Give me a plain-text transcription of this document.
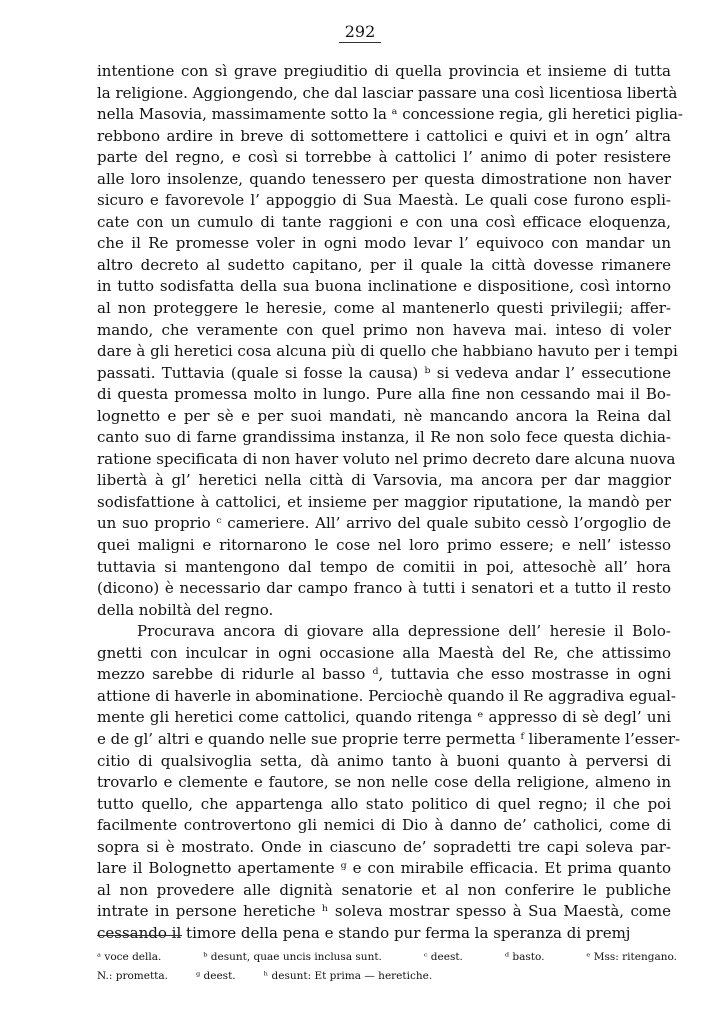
292
intentione con sì grave pregiuditio di quella provincia et insieme di tutta
la religione. Aggiongendo, che dal lasciar passare una così licentiosa libertà
nella Masovia, massimamente sotto la ᵃ concessione regia, gli heretici piglia-
rebbono ardire in breve di sottomettere i cattolici e quivi et in ogn’ altra
parte del regno, e così si torrebbe à cattolici l’ animo di poter resistere
alle loro insolenze, quando tenessero per questa dimostratione non haver
sicuro e favorevole l’ appoggio di Sua Maestà. Le quali cose furono espli-
cate con un cumulo di tante raggioni e con una così efficace eloquenza,
che il Re promesse voler in ogni modo levar l’ equivoco con mandar un
altro decreto al sudetto capitano, per il quale la città dovesse rimanere
in tutto sodisfatta della sua buona inclinatione e dispositione, così intorno
al non proteggere le heresie, come al mantenerlo questi privilegii; affer-
mando, che veramente con quel primo non haveva mai. inteso di voler
dare à gli heretici cosa alcuna più di quello che habbiano havuto per i tempi
passati. Tuttavia (quale si fosse la causa) ᵇ si vedeva andar l’ essecutione
di questa promessa molto in lungo. Pure alla fine non cessando mai il Bo-
lognetto e per sè e per suoi mandati, nè mancando ancora la Reina dal
canto suo di farne grandissima instanza, il Re non solo fece questa dichia-
ratione specificata di non haver voluto nel primo decreto dare alcuna nuova
libertà à gl’ heretici nella città di Varsovia, ma ancora per dar maggior
sodisfattione à cattolici, et insieme per maggior riputatione, la mandò per
un suo proprio ᶜ cameriere. All’ arrivo del quale subito cessò l’orgoglio de
quei maligni e ritornarono le cose nel loro primo essere; e nell’ istesso
tuttavia si mantengono dal tempo de comitii in poi, attesochè all’ hora
(dicono) è necessario dar campo franco à tutti i senatori et a tutto il resto
della nobiltà del regno.
Procurava ancora di giovare alla depressione dell’ heresie il Bolo-
gnetti con inculcar in ogni occasione alla Maestà del Re, che attissimo
mezzo sarebbe di ridurle al basso ᵈ, tuttavia che esso mostrasse in ogni
attione di haverle in abominatione. Perciochè quando il Re aggradiva egual-
mente gli heretici come cattolici, quando ritenga ᵉ appresso di sè degl’ uni
e de gl’ altri e quando nelle sue proprie terre permetta ᶠ liberamente l’esser-
citio di qualsivoglia setta, dà animo tanto à buoni quanto à perversi di
trovarlo e clemente e fautore, se non nelle cose della religione, almeno in
tutto quello, che appartenga allo stato politico di quel regno; il che poi
facilmente controvertono gli nemici di Dio à danno de’ catholici, come di
sopra si è mostrato. Onde in ciascuno de’ sopradetti tre capi soleva par-
lare il Bolognetto apertamente ᵍ e con mirabile efficacia. Et prima quanto
al non provedere alle dignità senatorie et al non conferire le publiche
intrate in persone heretiche ʰ soleva mostrar spesso à Sua Maestà, come
cessando il timore della pena e stando pur ferma la speranza di premj
ᵃ voce della.	ᵇ desunt, quae uncis inclusa sunt.	ᶜ deest.	ᵈ basto.	ᵉ Mss: ritengano.
N.: prometta.	ᵍ deest.	ʰ desunt: Et prima — heretiche.
